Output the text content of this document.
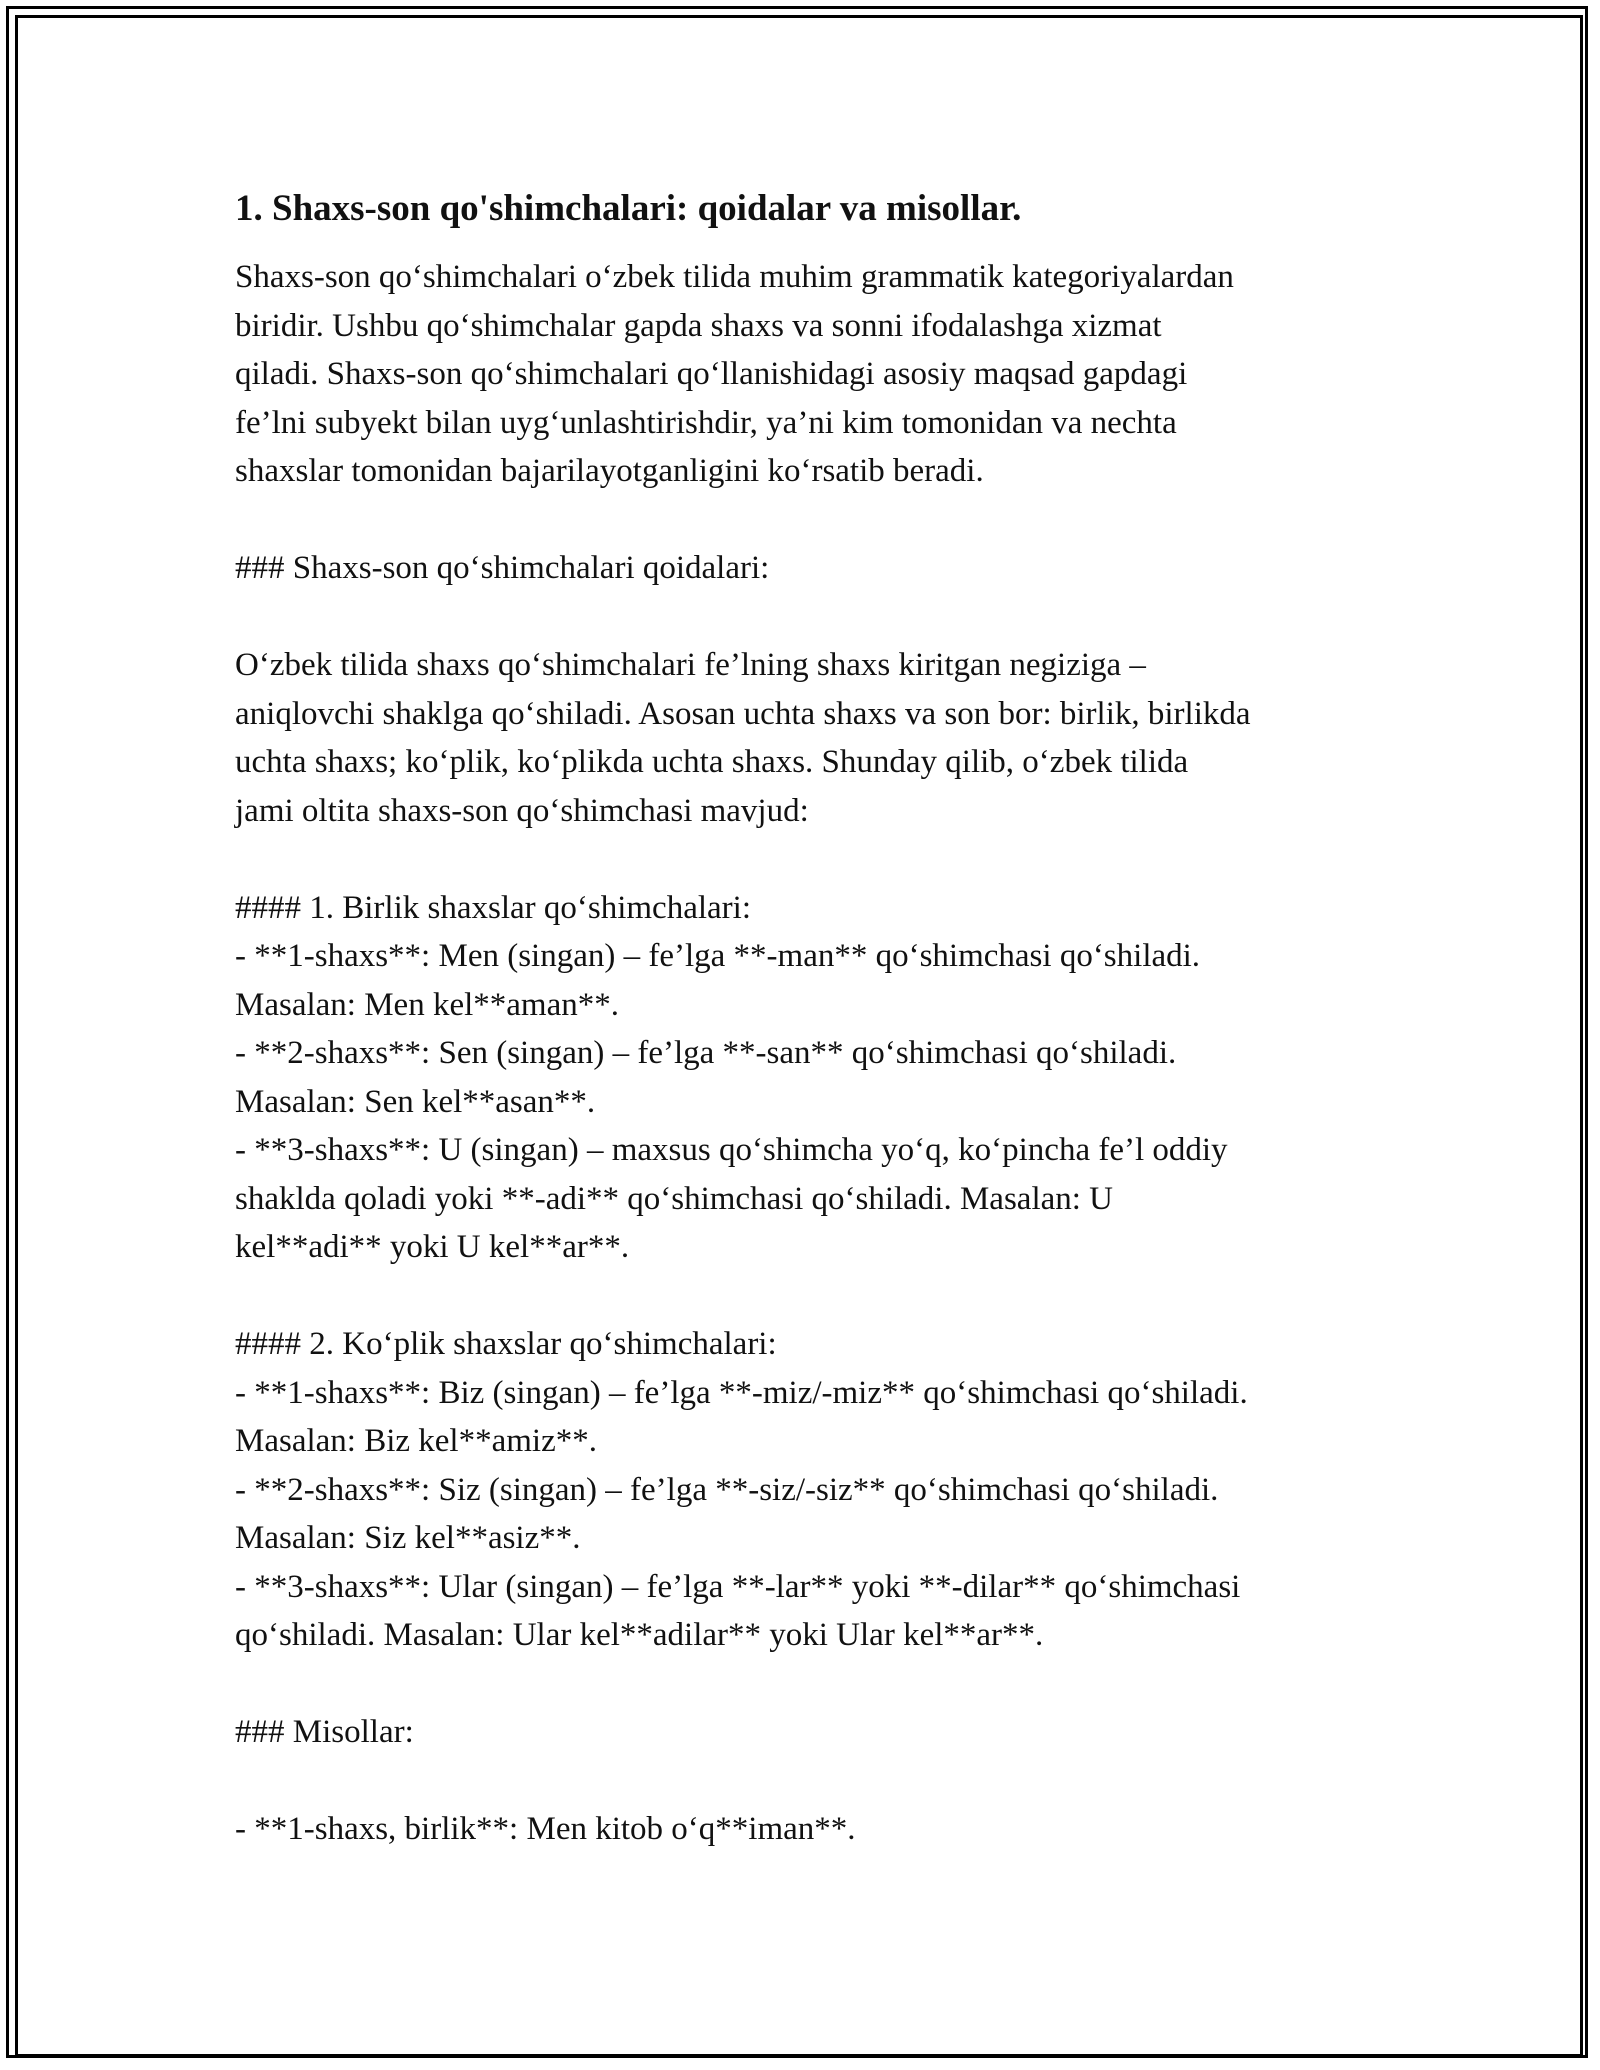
1. Shaxs-son qo'shimchalari: qoidalar va misollar.

Shaxs-son qo‘shimchalari o‘zbek tilida muhim grammatik kategoriyalardan
biridir. Ushbu qo‘shimchalar gapda shaxs va sonni ifodalashga xizmat
qiladi. Shaxs-son qo‘shimchalari qo‘llanishidagi asosiy maqsad gapdagi
fe’lni subyekt bilan uyg‘unlashtirishdir, ya’ni kim tomonidan va nechta
shaxslar tomonidan bajarilayotganligini ko‘rsatib beradi.

### Shaxs-son qo‘shimchalari qoidalari:

O‘zbek tilida shaxs qo‘shimchalari fe’lning shaxs kiritgan negiziga –
aniqlovchi shaklga qo‘shiladi. Asosan uchta shaxs va son bor: birlik, birlikda
uchta shaxs; ko‘plik, ko‘plikda uchta shaxs. Shunday qilib, o‘zbek tilida
jami oltita shaxs-son qo‘shimchasi mavjud:

#### 1. Birlik shaxslar qo‘shimchalari:
- **1-shaxs**: Men (singan) – fe’lga **-man** qo‘shimchasi qo‘shiladi.
Masalan: Men kel**aman**.
- **2-shaxs**: Sen (singan) – fe’lga **-san** qo‘shimchasi qo‘shiladi.
Masalan: Sen kel**asan**.
- **3-shaxs**: U (singan) – maxsus qo‘shimcha yo‘q, ko‘pincha fe’l oddiy
shaklda qoladi yoki **-adi** qo‘shimchasi qo‘shiladi. Masalan: U
kel**adi** yoki U kel**ar**.

#### 2. Ko‘plik shaxslar qo‘shimchalari:
- **1-shaxs**: Biz (singan) – fe’lga **-miz/-miz** qo‘shimchasi qo‘shiladi.
Masalan: Biz kel**amiz**.
- **2-shaxs**: Siz (singan) – fe’lga **-siz/-siz** qo‘shimchasi qo‘shiladi.
Masalan: Siz kel**asiz**.
- **3-shaxs**: Ular (singan) – fe’lga **-lar** yoki **-dilar** qo‘shimchasi
qo‘shiladi. Masalan: Ular kel**adilar** yoki Ular kel**ar**.

### Misollar:

- **1-shaxs, birlik**: Men kitob o‘q**iman**.
